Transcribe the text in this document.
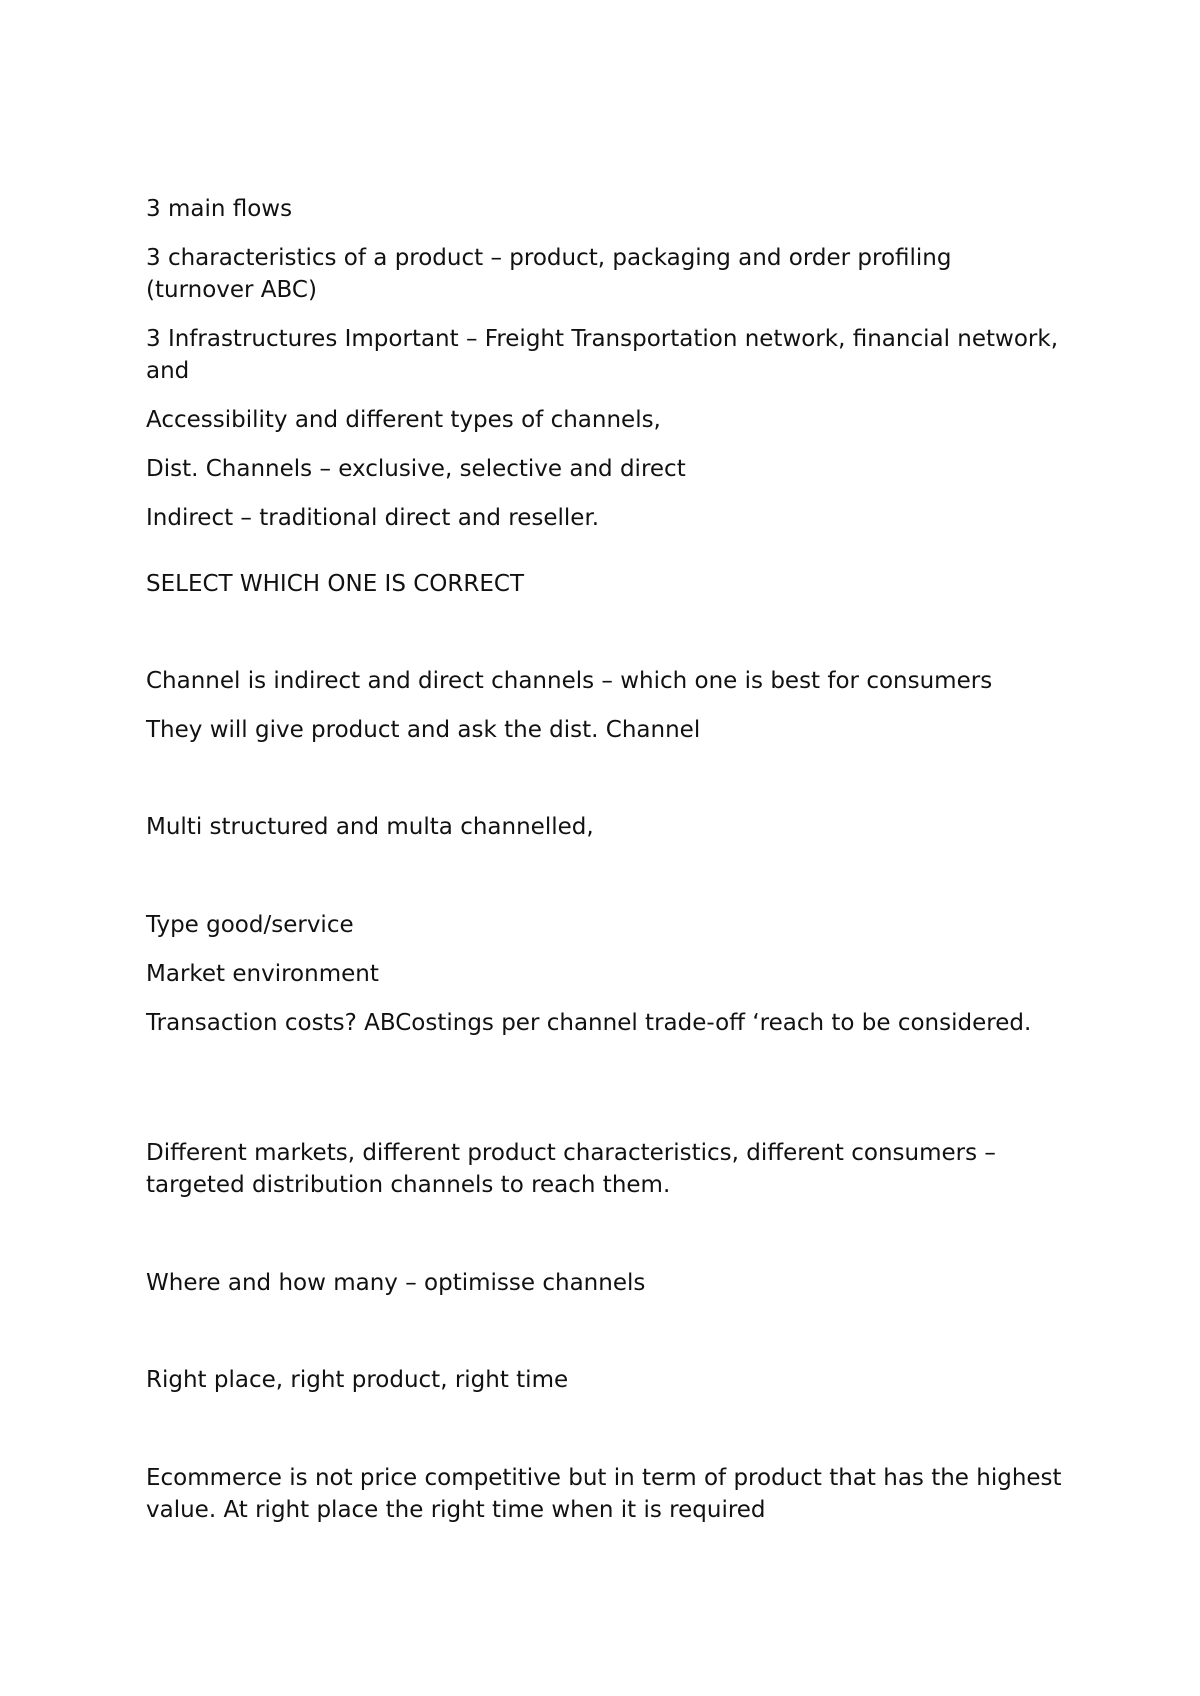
3 main flows

3 characteristics of a product – product, packaging and order profiling (turnover ABC)

3 Infrastructures Important – Freight Transportation network, financial network, and

Accessibility and different types of channels,

Dist. Channels – exclusive, selective and direct

Indirect – traditional direct and reseller.

SELECT WHICH ONE IS CORRECT

Channel is indirect and direct channels – which one is best for consumers

They will give product and ask the dist. Channel

Multi structured and multa channelled,

Type good/service

Market environment

Transaction costs? ABCostings per channel trade-off ‘reach to be considered.

Different markets, different product characteristics, different consumers – targeted distribution channels to reach them.

Where and how many – optimisse channels

Right place, right product, right time

Ecommerce is not price competitive but in term of product that has the highest value. At right place the right time when it is required
